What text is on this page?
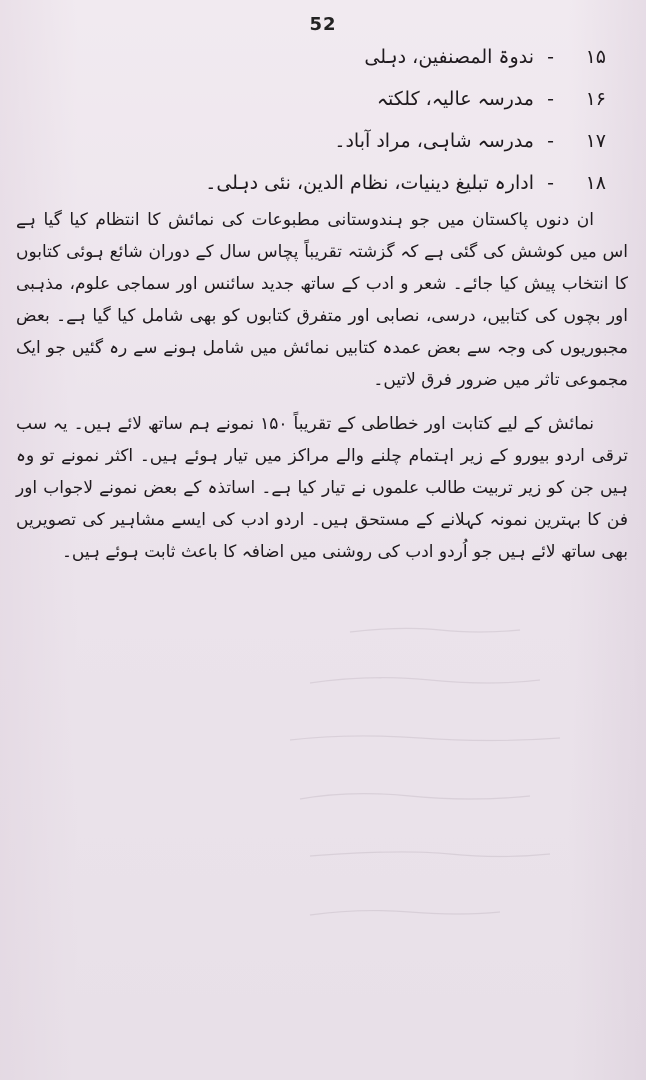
52
۱۵
-
ندوۃ المصنفین، دہلی
۱۶
-
مدرسہ عالیہ، کلکتہ
۱۷
-
مدرسہ شاہی، مراد آباد۔
۱۸
-
ادارہ تبلیغ دینیات، نظام الدین، نئی دہلی۔

ان دنوں پاکستان میں جو ہندوستانی مطبوعات کی نمائش کا انتظام کیا گیا ہے اس میں کوشش کی گئی ہے کہ گزشتہ تقریباً پچاس سال کے دوران شائع ہوئی کتابوں کا انتخاب پیش کیا جائے۔ شعر و ادب کے ساتھ جدید سائنس اور سماجی علوم، مذہبی اور بچوں کی کتابیں، درسی، نصابی اور متفرق کتابوں کو بھی شامل کیا گیا ہے۔ بعض مجبوریوں کی وجہ سے بعض عمدہ کتابیں نمائش میں شامل ہونے سے رہ گئیں جو ایک مجموعی تاثر میں ضرور فرق لاتیں۔

نمائش کے لیے کتابت اور خطاطی کے تقریباً ۱۵۰ نمونے ہم ساتھ لائے ہیں۔ یہ سب ترقی اردو بیورو کے زیر اہتمام چلنے والے مراکز میں تیار ہوئے ہیں۔ اکثر نمونے تو وہ ہیں جن کو زیر تربیت طالب علموں نے تیار کیا ہے۔ اساتذہ کے بعض نمونے لاجواب اور فن کا بہترین نمونہ کہلانے کے مستحق ہیں۔ اردو ادب کی ایسے مشاہیر کی تصویریں بھی ساتھ لائے ہیں جو اُردو ادب کی روشنی میں اضافہ کا باعث ثابت ہوئے ہیں۔
